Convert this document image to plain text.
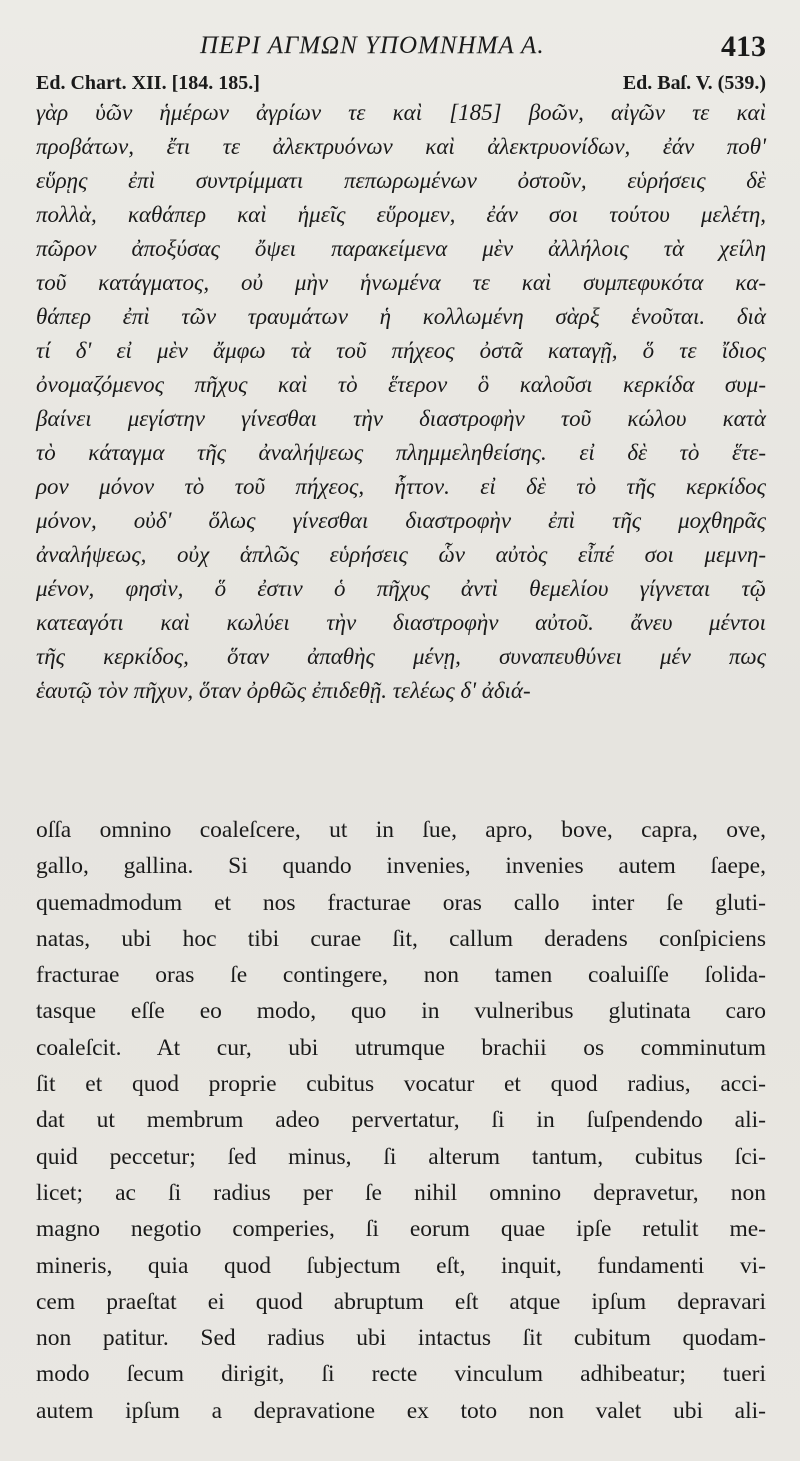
ΠΕΡΙ ΑΓΜΩΝ ΥΠΟΜΝΗΜΑ Α.	413
Ed. Chart. XII. [184. 185.]	Ed. Baſ. V. (539.)
γὰρ ὑῶν ἡμέρων ἀγρίων τε καὶ [185] βοῶν, αἰγῶν τε καὶ
προβάτων, ἔτι τε ἀλεκτρυόνων καὶ ἀλεκτρυονίδων, ἐάν ποθ'
εὕρῃς ἐπὶ συντρίμματι πεπωρωμένων ὀστοῦν, εὑρήσεις δὲ
πολλὰ, καθάπερ καὶ ἡμεῖς εὕρομεν, ἐάν σοι τούτου μελέτη,
πῶρον ἀποξύσας ὄψει παρακείμενα μὲν ἀλλήλοις τὰ χείλη
τοῦ κατάγματος, οὐ μὴν ἡνωμένα τε καὶ συμπεφυκότα κα-
θάπερ ἐπὶ τῶν τραυμάτων ἡ κολλωμένη σὰρξ ἑνοῦται. διὰ
τί δ' εἰ μὲν ἄμφω τὰ τοῦ πήχεος ὀστᾶ καταγῇ, ὅ τε ἴδιος
ὀνομαζόμενος πῆχυς καὶ τὸ ἕτερον ὃ καλοῦσι κερκίδα συμ-
βαίνει μεγίστην γίνεσθαι τὴν διαστροφὴν τοῦ κώλου κατὰ
τὸ κάταγμα τῆς ἀναλήψεως πλημμεληθείσης. εἰ δὲ τὸ ἕτε-
ρον μόνον τὸ τοῦ πήχεος, ἧττον. εἰ δὲ τὸ τῆς κερκίδος
μόνον, οὐδ' ὅλως γίνεσθαι διαστροφὴν ἐπὶ τῆς μοχθηρᾶς
ἀναλήψεως, οὐχ ἁπλῶς εὑρήσεις ὧν αὐτὸς εἶπέ σοι μεμνη-
μένον, φησὶν, ὅ ἐστιν ὁ πῆχυς ἀντὶ θεμελίου γίγνεται τῷ
κατεαγότι καὶ κωλύει τὴν διαστροφὴν αὐτοῦ. ἄνευ μέντοι
τῆς κερκίδος, ὅταν ἀπαθὴς μένῃ, συναπευθύνει μέν πως
ἑαυτῷ τὸν πῆχυν, ὅταν ὀρθῶς ἐπιδεθῇ. τελέως δ' ἀδιά-
oſſa omnino coaleſcere, ut in ſue, apro, bove, capra, ove,
gallo, gallina. Si quando invenies, invenies autem ſaepe,
quemadmodum et nos fracturae oras callo inter ſe gluti-
natas, ubi hoc tibi curae ſit, callum deradens conſpiciens
fracturae oras ſe contingere, non tamen coaluiſſe ſolida-
tasque eſſe eo modo, quo in vulneribus glutinata caro
coaleſcit. At cur, ubi utrumque brachii os comminutum
ſit et quod proprie cubitus vocatur et quod radius, acci-
dat ut membrum adeo pervertatur, ſi in ſuſpendendo ali-
quid peccetur; ſed minus, ſi alterum tantum, cubitus ſci-
licet; ac ſi radius per ſe nihil omnino depravetur, non
magno negotio comperies, ſi eorum quae ipſe retulit me-
mineris, quia quod ſubjectum eſt, inquit, fundamenti vi-
cem praeſtat ei quod abruptum eſt atque ipſum depravari
non patitur. Sed radius ubi intactus ſit cubitum quodam-
modo ſecum dirigit, ſi recte vinculum adhibeatur; tueri
autem ipſum a depravatione ex toto non valet ubi ali-
